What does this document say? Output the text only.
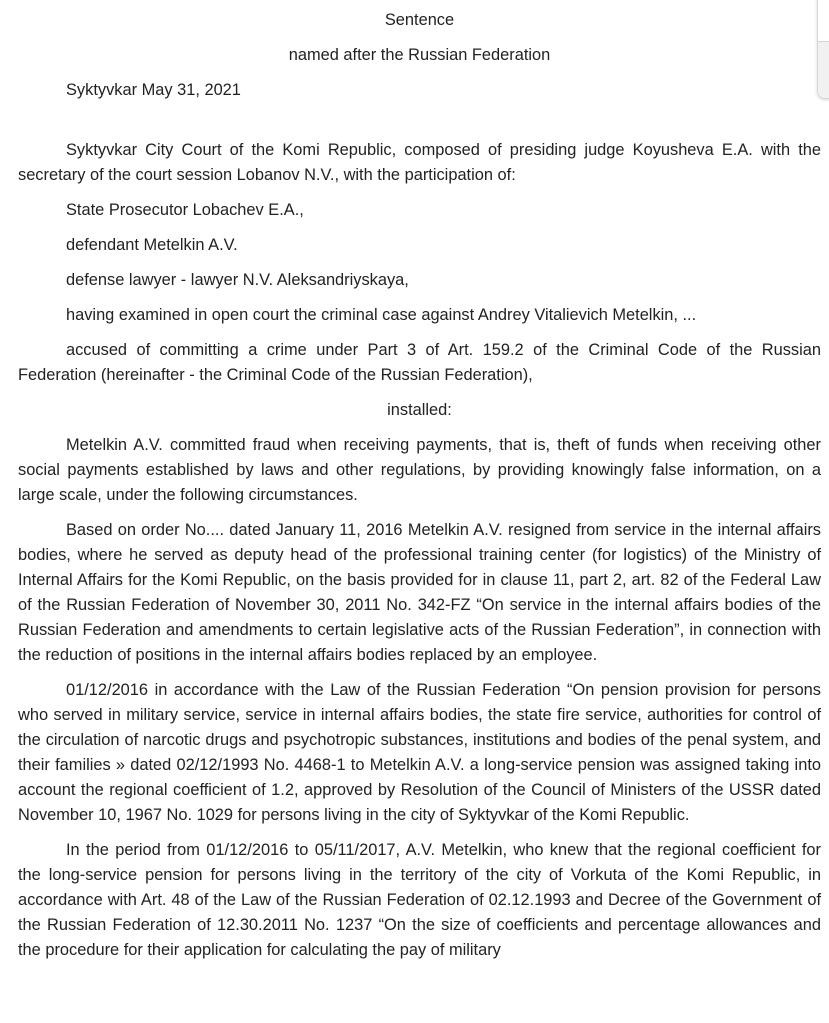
Sentence

named after the Russian Federation

Syktyvkar May 31, 2021

Syktyvkar City Court of the Komi Republic, composed of presiding judge Koyusheva E.A. with the secretary of the court session Lobanov N.V., with the participation of:

State Prosecutor Lobachev E.A.,

defendant Metelkin A.V.

defense lawyer - lawyer N.V. Aleksandriyskaya,

having examined in open court the criminal case against Andrey Vitalievich Metelkin, ...

accused of committing a crime under Part 3 of Art. 159.2 of the Criminal Code of the Russian Federation (hereinafter - the Criminal Code of the Russian Federation),

installed:

Metelkin A.V. committed fraud when receiving payments, that is, theft of funds when receiving other social payments established by laws and other regulations, by providing knowingly false information, on a large scale, under the following circumstances.

Based on order No.... dated January 11, 2016 Metelkin A.V. resigned from service in the internal affairs bodies, where he served as deputy head of the professional training center (for logistics) of the Ministry of Internal Affairs for the Komi Republic, on the basis provided for in clause 11, part 2, art. 82 of the Federal Law of the Russian Federation of November 30, 2011 No. 342-FZ “On service in the internal affairs bodies of the Russian Federation and amendments to certain legislative acts of the Russian Federation”, in connection with the reduction of positions in the internal affairs bodies replaced by an employee.

01/12/2016 in accordance with the Law of the Russian Federation “On pension provision for persons who served in military service, service in internal affairs bodies, the state fire service, authorities for control of the circulation of narcotic drugs and psychotropic substances, institutions and bodies of the penal system, and their families » dated 02/12/1993 No. 4468-1 to Metelkin A.V. a long-service pension was assigned taking into account the regional coefficient of 1.2, approved by Resolution of the Council of Ministers of the USSR dated November 10, 1967 No. 1029 for persons living in the city of Syktyvkar of the Komi Republic.

In the period from 01/12/2016 to 05/11/2017, A.V. Metelkin, who knew that the regional coefficient for the long-service pension for persons living in the territory of the city of Vorkuta of the Komi Republic, in accordance with Art. 48 of the Law of the Russian Federation of 02.12.1993 and Decree of the Government of the Russian Federation of 12.30.2011 No. 1237 “On the size of coefficients and percentage allowances and the procedure for their application for calculating the pay of military
